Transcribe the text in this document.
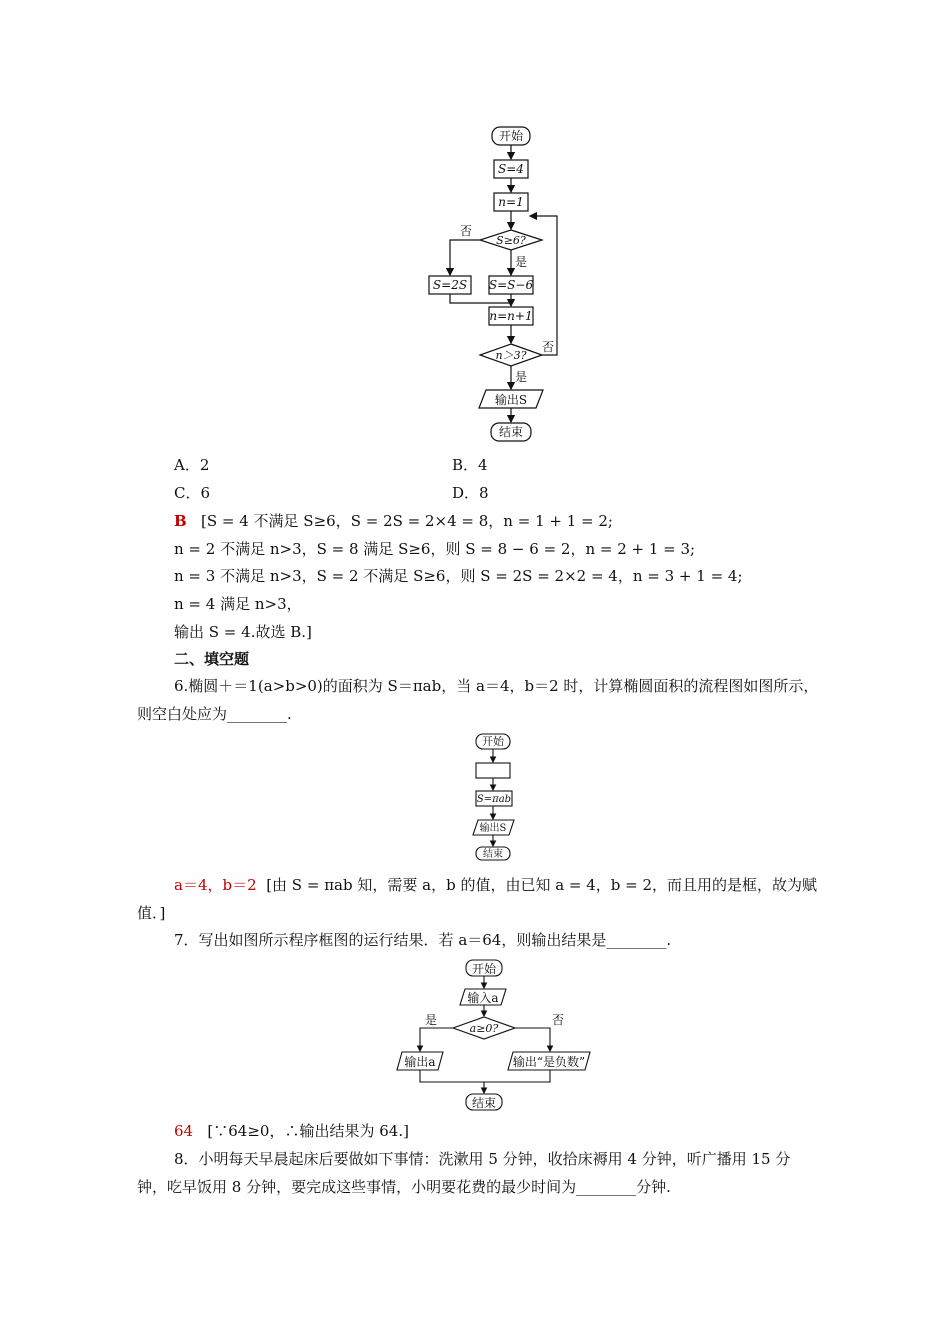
开始
S=4
n=1
S≥6?
否
是
S=2S S=S−6
n=n+1
n＞3?
否
是
输出S
结束
A．2	B．4
C．6	D．8
B [S = 4 不满足 S≥6，S = 2S = 2×4 = 8，n = 1 + 1 = 2;
n = 2 不满足 n>3，S = 8 满足 S≥6，则 S = 8 − 6 = 2，n = 2 + 1 = 3;
n = 3 不满足 n>3，S = 2 不满足 S≥6，则 S = 2S = 2×2 = 4，n = 3 + 1 = 4;
n = 4 满足 n>3，
输出 S = 4.故选 B.]
二、填空题
6.椭圆＋＝1(a>b>0)的面积为 S＝πab，当 a＝4，b＝2 时，计算椭圆面积的流程图如图所示，
则空白处应为________.
开始
S=πab
输出S
结束
a＝4，b＝2 [由 S = πab 知，需要 a，b 的值，由已知 a = 4，b = 2，而且用的是框，故为赋
值．]
7．写出如图所示程序框图的运行结果．若 a＝64，则输出结果是________.
开始
输入a
a≥0?
是	否
输出a	输出“是负数”
结束
64 [∵64≥0，∴输出结果为 64.]
8．小明每天早晨起床后要做如下事情：洗漱用 5 分钟，收拾床褥用 4 分钟，听广播用 15 分
钟，吃早饭用 8 分钟，要完成这些事情，小明要花费的最少时间为________分钟.
